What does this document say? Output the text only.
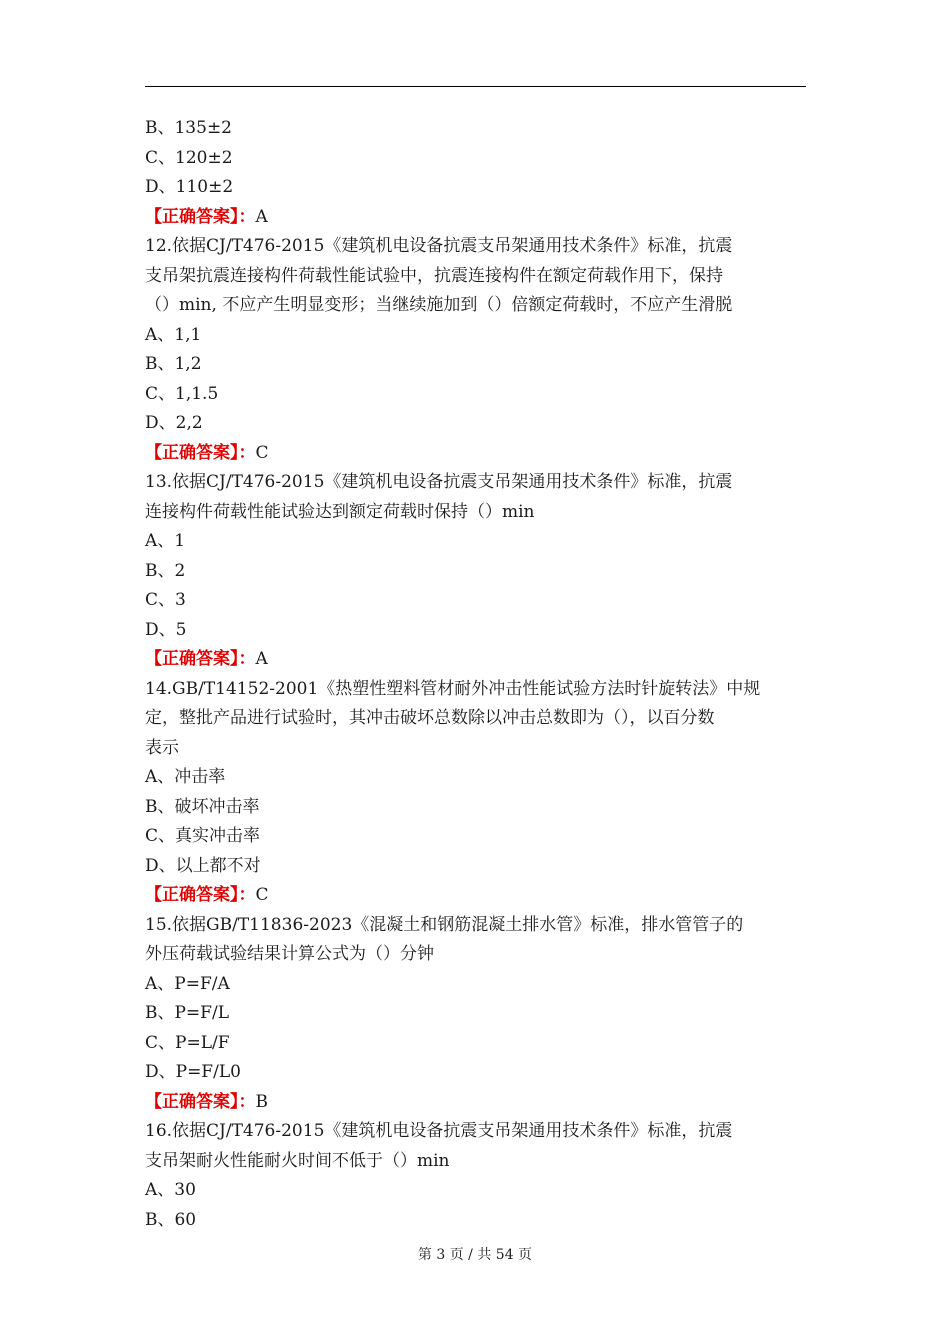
B、135±2
C、120±2
D、110±2
【正确答案】：A
12.依据CJ/T476-2015《建筑机电设备抗震支吊架通用技术条件》标准，抗震
支吊架抗震连接构件荷载性能试验中，抗震连接构件在额定荷载作用下，保持
（）min, 不应产生明显变形；当继续施加到（）倍额定荷载时，不应产生滑脱
A、1,1
B、1,2
C、1,1.5
D、2,2
【正确答案】：C
13.依据CJ/T476-2015《建筑机电设备抗震支吊架通用技术条件》标准，抗震
连接构件荷载性能试验达到额定荷载时保持（）min
A、1
B、2
C、3
D、5
【正确答案】：A
14.GB/T14152-2001《热塑性塑料管材耐外冲击性能试验方法时针旋转法》中规
定，整批产品进行试验时，其冲击破坏总数除以冲击总数即为（），以百分数
表示
A、冲击率
B、破坏冲击率
C、真实冲击率
D、以上都不对
【正确答案】：C
15.依据GB/T11836-2023《混凝土和钢筋混凝土排水管》标准，排水管管子的
外压荷载试验结果计算公式为（）分钟
A、P=F/A
B、P=F/L
C、P=L/F
D、P=F/L0
【正确答案】：B
16.依据CJ/T476-2015《建筑机电设备抗震支吊架通用技术条件》标准，抗震
支吊架耐火性能耐火时间不低于（）min
A、30
B、60
第 3 页 / 共 54 页
